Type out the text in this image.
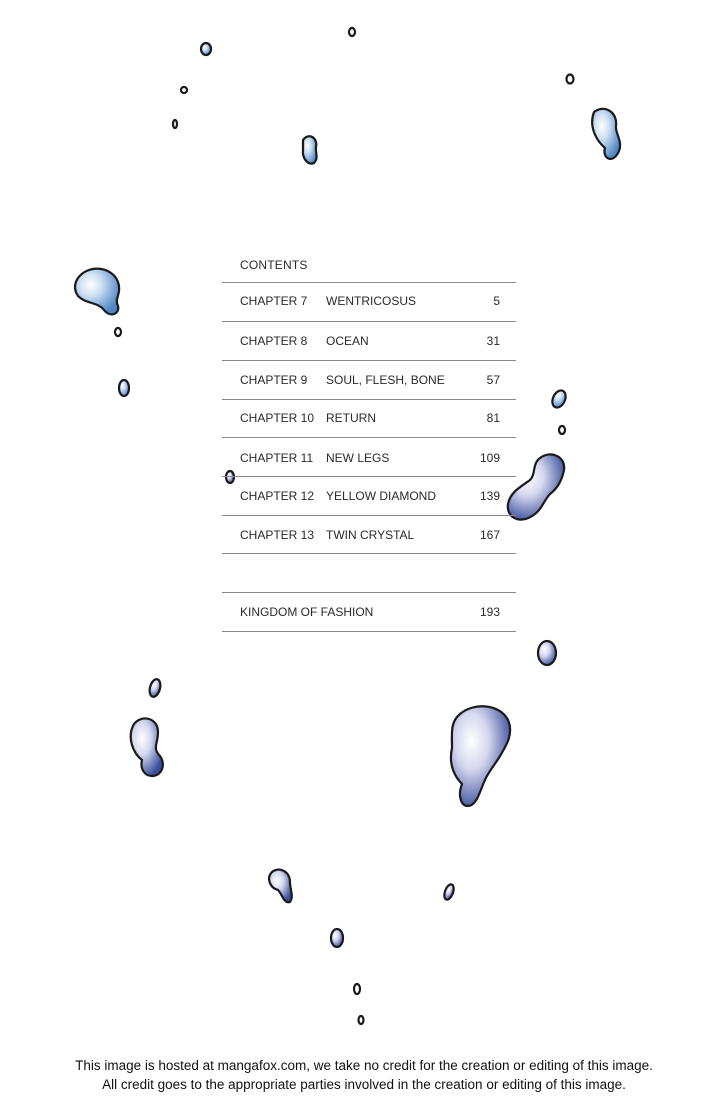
CONTENTS
CHAPTER 7 WENTRICOSUS	5
CHAPTER 8 OCEAN	31
CHAPTER 9 SOUL, FLESH, BONE	57
CHAPTER 10 RETURN	81
CHAPTER 11 NEW LEGS	109
CHAPTER 12 YELLOW DIAMOND	139
CHAPTER 13 TWIN CRYSTAL	167
KINGDOM OF FASHION	193
This image is hosted at mangafox.com, we take no credit for the creation or editing of this image.
All credit goes to the appropriate parties involved in the creation or editing of this image.
